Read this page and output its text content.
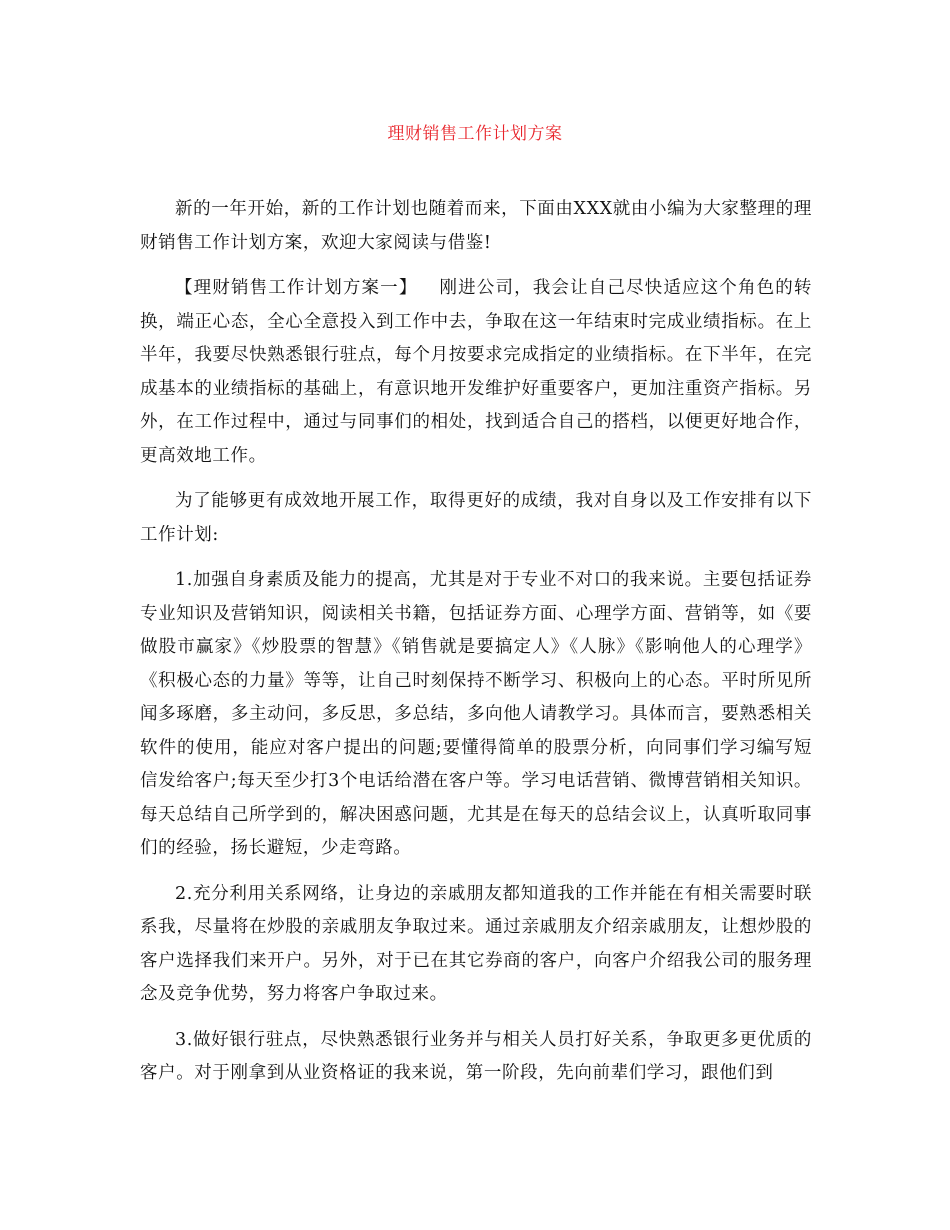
理财销售工作计划方案

新的一年开始，新的工作计划也随着而来，下面由XXX就由小编为大家整理的理财销售工作计划方案，欢迎大家阅读与借鉴!

【理财销售工作计划方案一】 刚进公司，我会让自己尽快适应这个角色的转换，端正心态，全心全意投入到工作中去，争取在这一年结束时完成业绩指标。在上半年，我要尽快熟悉银行驻点，每个月按要求完成指定的业绩指标。在下半年，在完成基本的业绩指标的基础上，有意识地开发维护好重要客户，更加注重资产指标。另外，在工作过程中，通过与同事们的相处，找到适合自己的搭档，以便更好地合作，更高效地工作。

为了能够更有成效地开展工作，取得更好的成绩，我对自身以及工作安排有以下工作计划:

1.加强自身素质及能力的提高，尤其是对于专业不对口的我来说。主要包括证券专业知识及营销知识，阅读相关书籍，包括证券方面、心理学方面、营销等，如《要做股市赢家》《炒股票的智慧》《销售就是要搞定人》《人脉》《影响他人的心理学》《积极心态的力量》等等，让自己时刻保持不断学习、积极向上的心态。平时所见所闻多琢磨，多主动问，多反思，多总结，多向他人请教学习。具体而言，要熟悉相关软件的使用，能应对客户提出的问题;要懂得简单的股票分析，向同事们学习编写短信发给客户;每天至少打3个电话给潜在客户等。学习电话营销、微博营销相关知识。每天总结自己所学到的，解决困惑问题，尤其是在每天的总结会议上，认真听取同事们的经验，扬长避短，少走弯路。

2.充分利用关系网络，让身边的亲戚朋友都知道我的工作并能在有相关需要时联系我，尽量将在炒股的亲戚朋友争取过来。通过亲戚朋友介绍亲戚朋友，让想炒股的客户选择我们来开户。另外，对于已在其它券商的客户，向客户介绍我公司的服务理念及竞争优势，努力将客户争取过来。

3.做好银行驻点，尽快熟悉银行业务并与相关人员打好关系，争取更多更优质的客户。对于刚拿到从业资格证的我来说，第一阶段，先向前辈们学习，跟他们到
